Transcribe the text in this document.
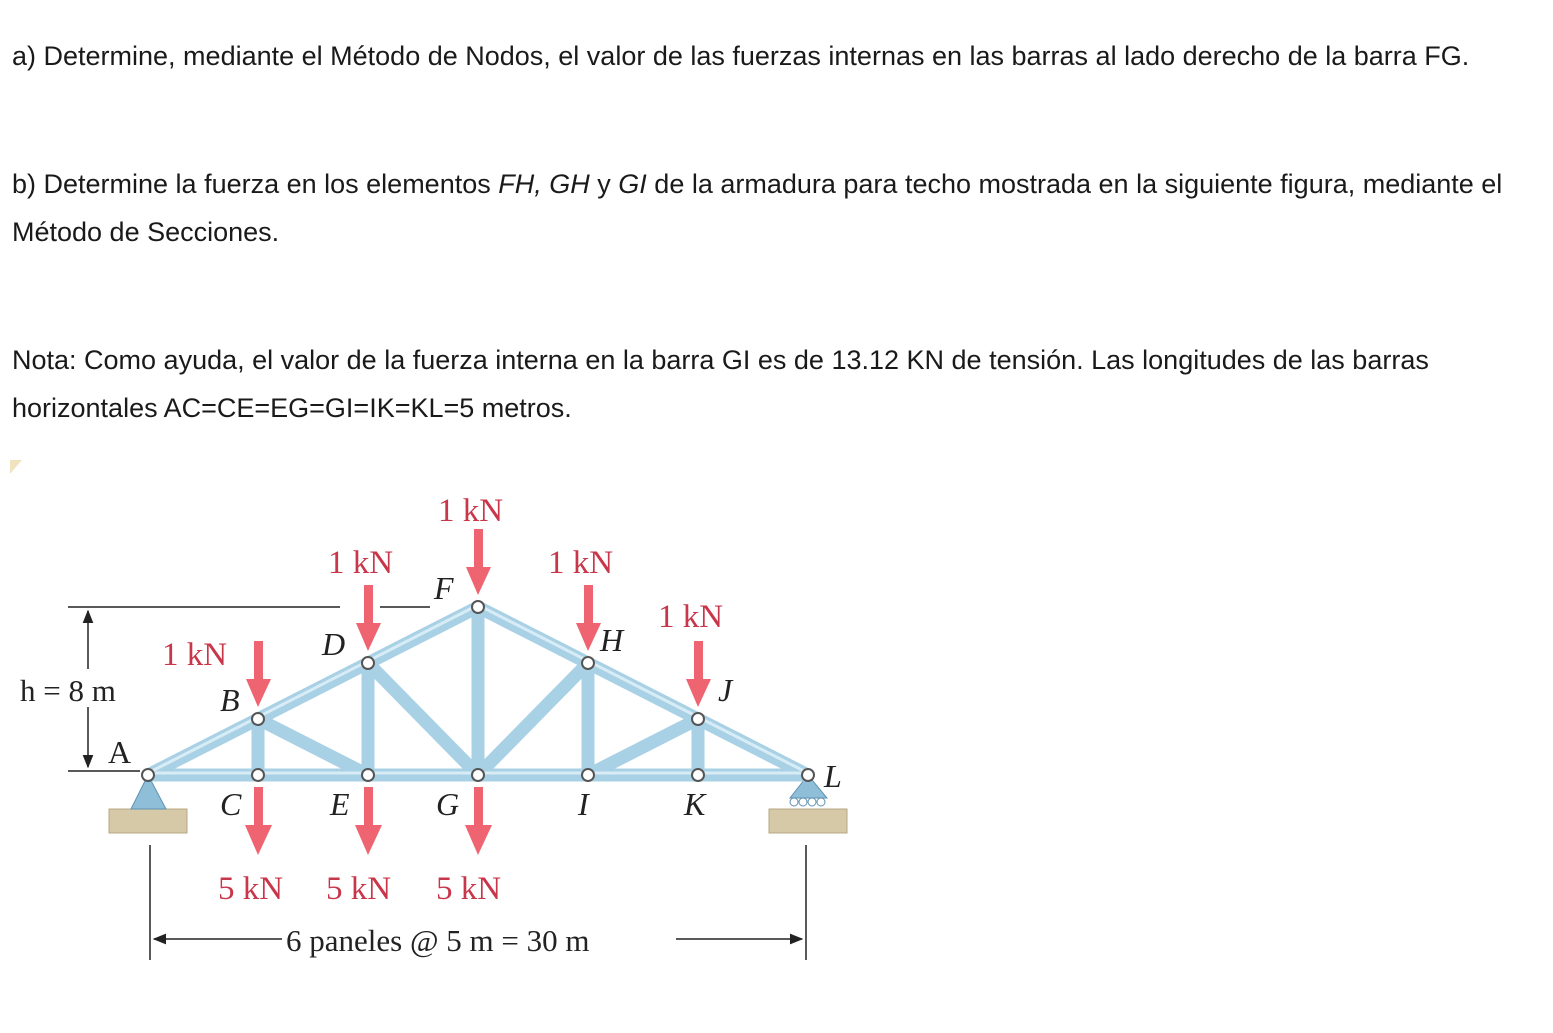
a) Determine, mediante el Método de Nodos, el valor de las fuerzas internas en las barras al lado derecho de la barra FG.

b) Determine la fuerza en los elementos FH, GH y GI de la armadura para techo mostrada en la siguiente figura, mediante el Método de Secciones.

Nota: Como ayuda, el valor de la fuerza interna en la barra GI es de 13.12 KN de tensión. Las longitudes de las barras horizontales AC=CE=EG=GI=IK=KL=5 metros.

1 kN
1 kN	1 kN
1 kN
1 kN
5 kN 5 kN 5 kN
h = 8 m
6 paneles @ 5 m = 30 m
A
B
C
D
E
F
G
H
I
J
K
L
